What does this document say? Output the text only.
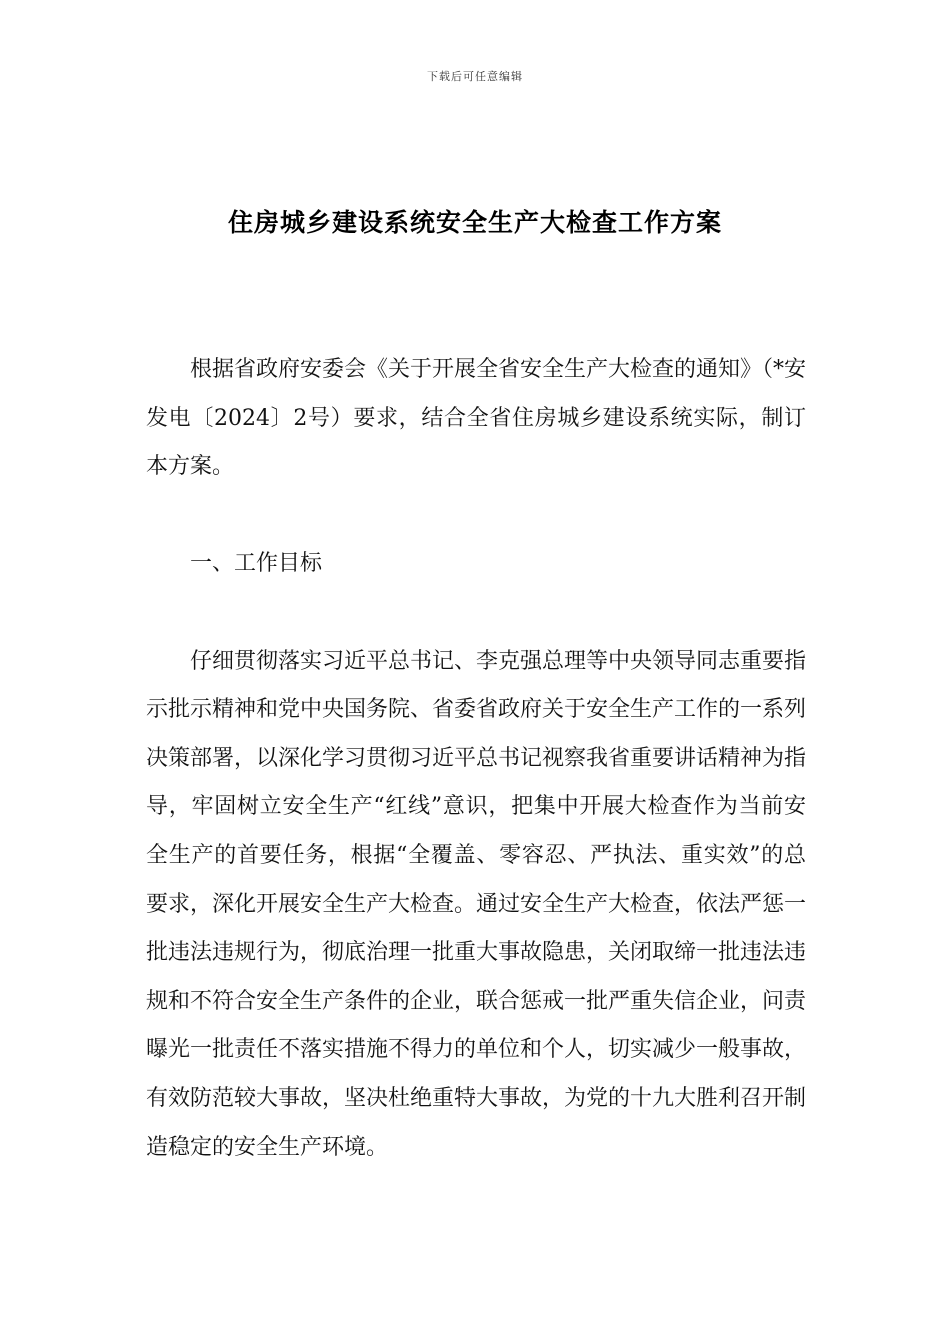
下载后可任意编辑
住房城乡建设系统安全生产大检查工作方案

根据省政府安委会《关于开展全省安全生产大检查的通知》（*安发电〔2024〕2号）要求，结合全省住房城乡建设系统实际，制订本方案。

一、工作目标

仔细贯彻落实习近平总书记、李克强总理等中央领导同志重要指示批示精神和党中央国务院、省委省政府关于安全生产工作的一系列决策部署，以深化学习贯彻习近平总书记视察我省重要讲话精神为指导，牢固树立安全生产“红线”意识，把集中开展大检查作为当前安全生产的首要任务，根据“全覆盖、零容忍、严执法、重实效”的总要求，深化开展安全生产大检查。通过安全生产大检查，依法严惩一批违法违规行为，彻底治理一批重大事故隐患，关闭取缔一批违法违规和不符合安全生产条件的企业，联合惩戒一批严重失信企业，问责曝光一批责任不落实措施不得力的单位和个人，切实减少一般事故，有效防范较大事故，坚决杜绝重特大事故，为党的十九大胜利召开制造稳定的安全生产环境。
